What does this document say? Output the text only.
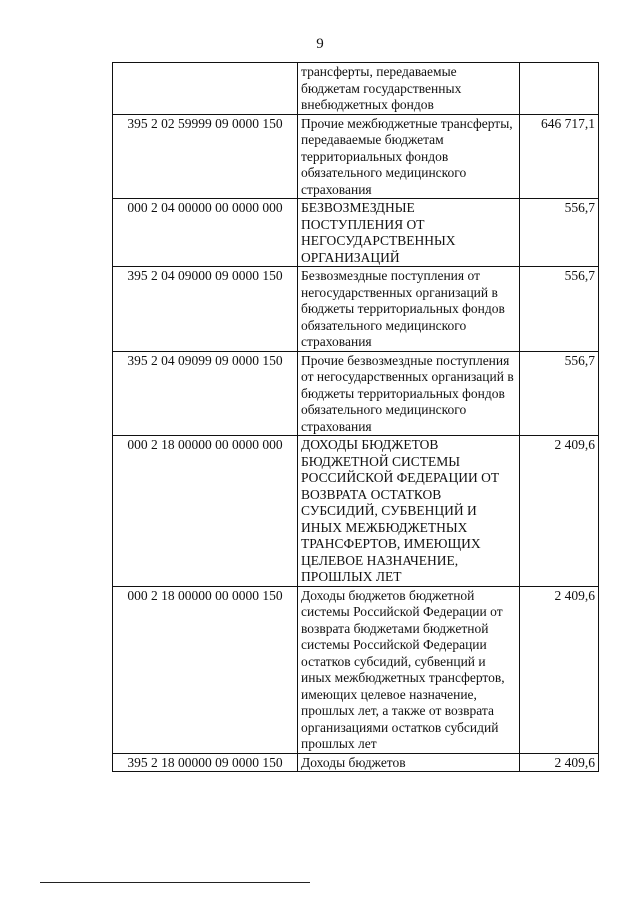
9
	трансферты, передаваемые бюджетам государственных внебюджетных фондов	
395 2 02 59999 09 0000 150	Прочие межбюджетные трансферты, передаваемые бюджетам территориальных фондов обязательного медицинского страхования	646 717,1
000 2 04 00000 00 0000 000	БЕЗВОЗМЕЗДНЫЕ ПОСТУПЛЕНИЯ ОТ НЕГОСУДАРСТВЕННЫХ ОРГАНИЗАЦИЙ	556,7
395 2 04 09000 09 0000 150	Безвозмездные поступления от негосударственных организаций в бюджеты территориальных фондов обязательного медицинского страхования	556,7
395 2 04 09099 09 0000 150	Прочие безвозмездные поступления от негосударственных организаций в бюджеты территориальных фондов обязательного медицинского страхования	556,7
000 2 18 00000 00 0000 000	ДОХОДЫ БЮДЖЕТОВ БЮДЖЕТНОЙ СИСТЕМЫ РОССИЙСКОЙ ФЕДЕРАЦИИ ОТ ВОЗВРАТА ОСТАТКОВ СУБСИДИЙ, СУБВЕНЦИЙ И ИНЫХ МЕЖБЮДЖЕТНЫХ ТРАНСФЕРТОВ, ИМЕЮЩИХ ЦЕЛЕВОЕ НАЗНАЧЕНИЕ, ПРОШЛЫХ ЛЕТ	2 409,6
000 2 18 00000 00 0000 150	Доходы бюджетов бюджетной системы Российской Федерации от возврата бюджетами бюджетной системы Российской Федерации остатков субсидий, субвенций и иных межбюджетных трансфертов, имеющих целевое назначение, прошлых лет, а также от возврата организациями остатков субсидий прошлых лет	2 409,6
395 2 18 00000 09 0000 150	Доходы бюджетов	2 409,6
